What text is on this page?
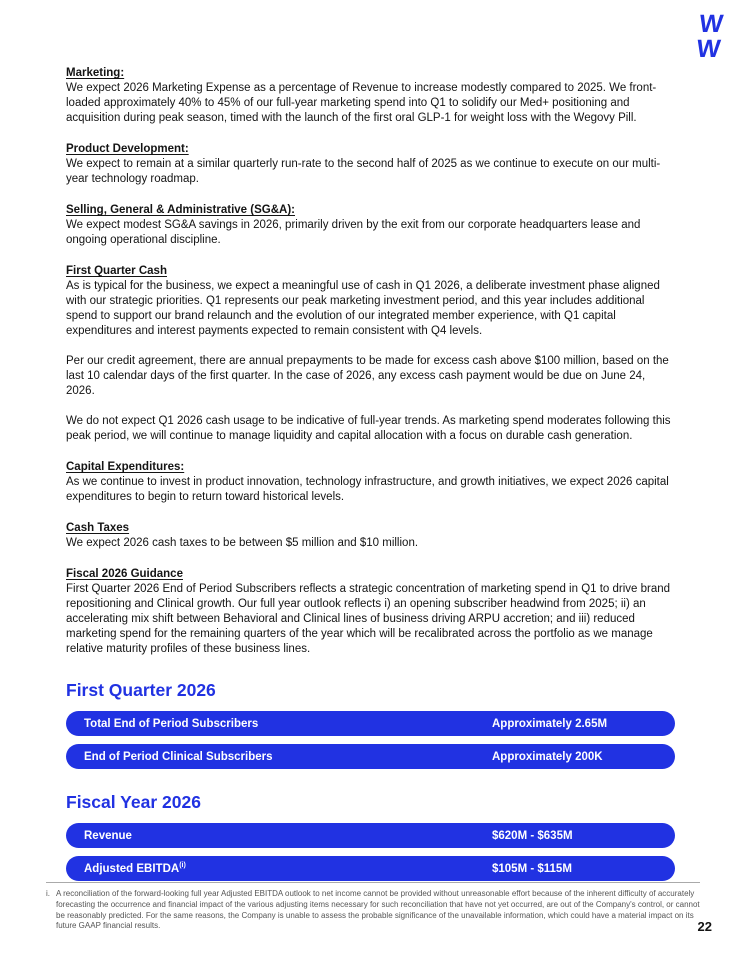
W
W
Marketing:

We expect 2026 Marketing Expense as a percentage of Revenue to increase modestly compared to 2025. We front-loaded approximately 40% to 45% of our full-year marketing spend into Q1 to solidify our Med+ positioning and acquisition during peak season, timed with the launch of the first oral GLP-1 for weight loss with the Wegovy Pill.

Product Development:

We expect to remain at a similar quarterly run-rate to the second half of 2025 as we continue to execute on our multi-year technology roadmap.

Selling, General & Administrative (SG&A):

We expect modest SG&A savings in 2026, primarily driven by the exit from our corporate headquarters lease and ongoing operational discipline.

First Quarter Cash

As is typical for the business, we expect a meaningful use of cash in Q1 2026, a deliberate investment phase aligned with our strategic priorities. Q1 represents our peak marketing investment period, and this year includes additional spend to support our brand relaunch and the evolution of our integrated member experience, with Q1 capital expenditures and interest payments expected to remain consistent with Q4 levels.

Per our credit agreement, there are annual prepayments to be made for excess cash above $100 million, based on the last 10 calendar days of the first quarter. In the case of 2026, any excess cash payment would be due on June 24, 2026.

We do not expect Q1 2026 cash usage to be indicative of full-year trends. As marketing spend moderates following this peak period, we will continue to manage liquidity and capital allocation with a focus on durable cash generation.

Capital Expenditures:

As we continue to invest in product innovation, technology infrastructure, and growth initiatives, we expect 2026 capital expenditures to begin to return toward historical levels.

Cash Taxes

We expect 2026 cash taxes to be between $5 million and $10 million.

Fiscal 2026 Guidance

First Quarter 2026 End of Period Subscribers reflects a strategic concentration of marketing spend in Q1 to drive brand repositioning and Clinical growth. Our full year outlook reflects i) an opening subscriber headwind from 2025; ii) an accelerating mix shift between Behavioral and Clinical lines of business driving ARPU accretion; and iii) reduced marketing spend for the remaining quarters of the year which will be recalibrated across the portfolio as we manage relative maturity profiles of these business lines.

First Quarter 2026
Total End of Period Subscribers	Approximately 2.65M
End of Period Clinical Subscribers	Approximately 200K
Fiscal Year 2026
Revenue	$620M - $635M
Adjusted EBITDA$^{(i)}$	$105M - $115M
i. A reconciliation of the forward-looking full year Adjusted EBITDA outlook to net income cannot be provided without unreasonable effort because of the inherent difficulty of accurately forecasting the occurrence and financial impact of the various adjusting items necessary for such reconciliation that have not yet occurred, are out of the Company's control, or cannot be reasonably predicted. For the same reasons, the Company is unable to assess the probable significance of the unavailable information, which could have a material impact on its future GAAP financial results.	22
